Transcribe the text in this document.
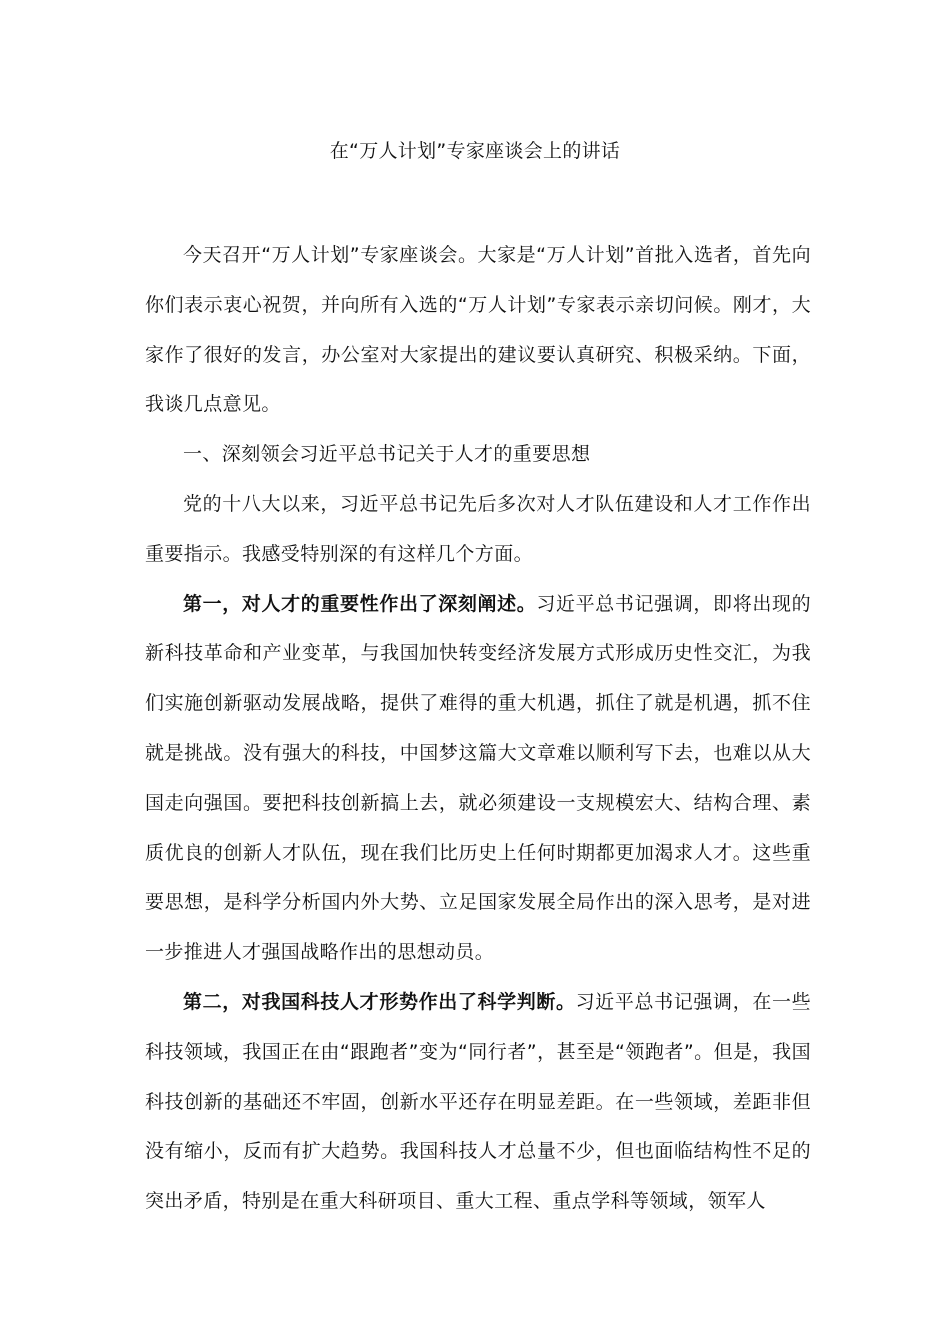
在“万人计划”专家座谈会上的讲话

今天召开“万人计划”专家座谈会。大家是“万人计划”首批入选者，首先向你们表示衷心祝贺，并向所有入选的“万人计划”专家表示亲切问候。刚才，大家作了很好的发言，办公室对大家提出的建议要认真研究、积极采纳。下面，我谈几点意见。

一、深刻领会习近平总书记关于人才的重要思想

党的十八大以来，习近平总书记先后多次对人才队伍建设和人才工作作出重要指示。我感受特别深的有这样几个方面。

第一，对人才的重要性作出了深刻阐述。习近平总书记强调，即将出现的新科技革命和产业变革，与我国加快转变经济发展方式形成历史性交汇，为我们实施创新驱动发展战略，提供了难得的重大机遇，抓住了就是机遇，抓不住就是挑战。没有强大的科技，中国梦这篇大文章难以顺利写下去，也难以从大国走向强国。要把科技创新搞上去，就必须建设一支规模宏大、结构合理、素质优良的创新人才队伍，现在我们比历史上任何时期都更加渴求人才。这些重要思想，是科学分析国内外大势、立足国家发展全局作出的深入思考，是对进一步推进人才强国战略作出的思想动员。

第二，对我国科技人才形势作出了科学判断。习近平总书记强调，在一些科技领域，我国正在由“跟跑者”变为“同行者”，甚至是“领跑者”。但是，我国科技创新的基础还不牢固，创新水平还存在明显差距。在一些领域，差距非但没有缩小，反而有扩大趋势。我国科技人才总量不少，但也面临结构性不足的突出矛盾，特别是在重大科研项目、重大工程、重点学科等领域，领军人
